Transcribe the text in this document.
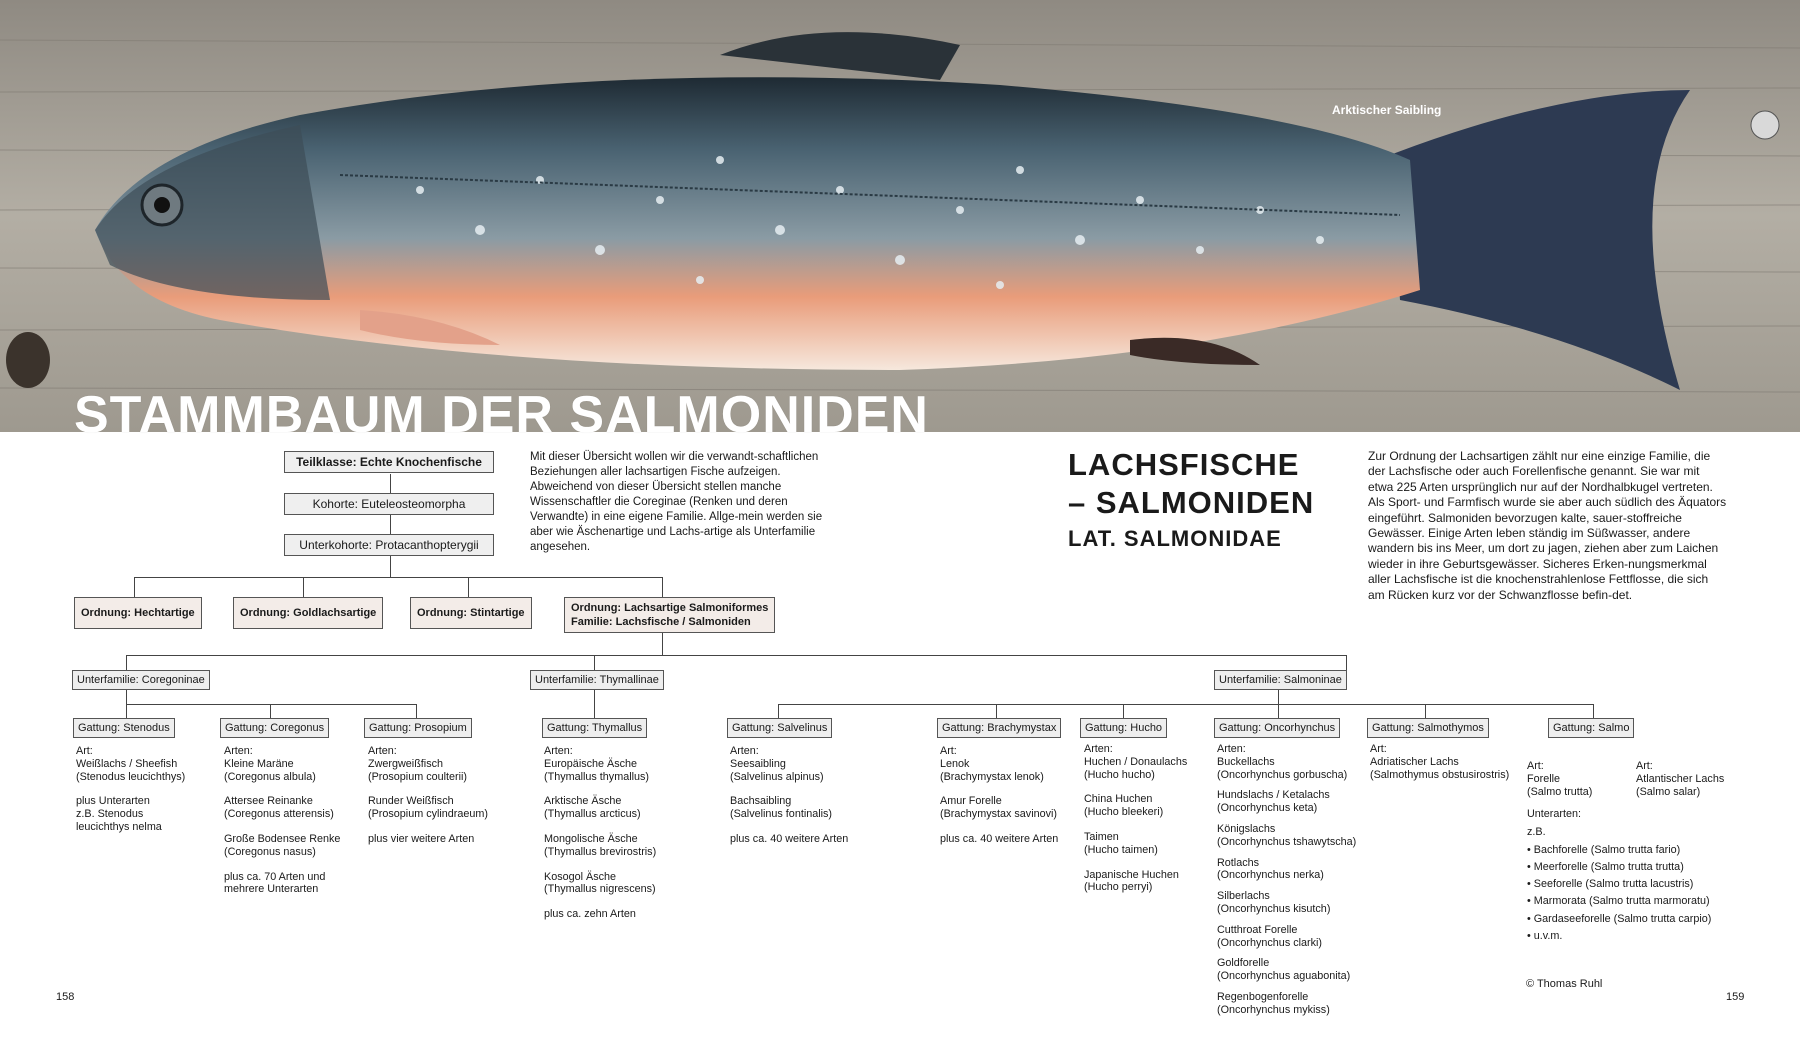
Arktischer Saibling
STAMMBAUM DER SALMONIDEN
Teilklasse: Echte Knochenfische
Kohorte: Euteleosteomorpha
Unterkohorte: Protacanthopterygii
Ordnung: Hechtartige	Ordnung: Goldlachsartige	Ordnung: Stintartige	Ordnung: Lachsartige Salmoniformes
Familie: Lachsfische / Salmoniden
Unterfamilie: Coregoninae	Unterfamilie: Thymallinae	Unterfamilie: Salmoninae
Gattung: Stenodus	Gattung: Coregonus	Gattung: Prosopium	Gattung: Thymallus	Gattung: Salvelinus	Gattung: Brachymystax	Gattung: Hucho	Gattung: Oncorhynchus	Gattung: Salmothymos	Gattung: Salmo
Mit dieser Übersicht wollen wir die verwandt-schaftlichen Beziehungen aller lachsartigen Fische aufzeigen. Abweichend von dieser Übersicht stellen manche Wissenschaftler die Coreginae (Renken und deren Verwandte) in eine eigene Familie. Allge-mein werden sie aber wie Äschenartige und Lachs-artige als Unterfamilie angesehen.
LACHSFISCHE
– SALMONIDEN
LAT. SALMONIDAE
Zur Ordnung der Lachsartigen zählt nur eine einzige Familie, die der Lachsfische oder auch Forellenfische genannt. Sie war mit etwa 225 Arten ursprünglich nur auf der Nordhalbkugel vertreten. Als Sport- und Farmfisch wurde sie aber auch südlich des Äquators eingeführt. Salmoniden bevorzugen kalte, sauer-stoffreiche Gewässer. Einige Arten leben ständig im Süßwasser, andere wandern bis ins Meer, um dort zu jagen, ziehen aber zum Laichen wieder in ihre Geburtsgewässer. Sicheres Erken-nungsmerkmal aller Lachsfische ist die knochenstrahlenlose Fettflosse, die sich am Rücken kurz vor der Schwanzflosse befin-det.
Art:

Weißlachs / Sheefish
(Stenodus leucichthys)

plus Unterarten
z.B. Stenodus
leucichthys nelma

Arten:

Kleine Maräne
(Coregonus albula)

Attersee Reinanke
(Coregonus atterensis)

Große Bodensee Renke
(Coregonus nasus)

plus ca. 70 Arten und
mehrere Unterarten

Arten:

Zwergweißfisch
(Prosopium coulterii)

Runder Weißfisch
(Prosopium cylindraeum)

plus vier weitere Arten

Arten:

Europäische Äsche
(Thymallus thymallus)

Arktische Äsche
(Thymallus arcticus)

Mongolische Äsche
(Thymallus brevirostris)

Kosogol Äsche
(Thymallus nigrescens)

plus ca. zehn Arten

Arten:

Seesaibling
(Salvelinus alpinus)

Bachsaibling
(Salvelinus fontinalis)

plus ca. 40 weitere Arten

Art:

Lenok
(Brachymystax lenok)

Amur Forelle
(Brachymystax savinovi)

plus ca. 40 weitere Arten

Arten:

Huchen / Donaulachs
(Hucho hucho)

China Huchen
(Hucho bleekeri)

Taimen
(Hucho taimen)

Japanische Huchen
(Hucho perryi)

Arten:

Buckellachs
(Oncorhynchus gorbuscha)

Hundslachs / Ketalachs
(Oncorhynchus keta)

Königslachs
(Oncorhynchus tshawytscha)

Rotlachs
(Oncorhynchus nerka)

Silberlachs
(Oncorhynchus kisutch)

Cutthroat Forelle
(Oncorhynchus clarki)

Goldforelle
(Oncorhynchus aguabonita)

Regenbogenforelle
(Oncorhynchus mykiss)

Art:

Adriatischer Lachs
(Salmothymus obstusirostris)

Art:
Forelle
(Salmo trutta)
Art:
Atlantischer Lachs
(Salmo salar)

Unterarten:

z.B.

• Bachforelle (Salmo trutta fario)

• Meerforelle (Salmo trutta trutta)

• Seeforelle (Salmo trutta lacustris)

• Marmorata (Salmo trutta marmoratu)

• Gardaseeforelle (Salmo trutta carpio)

• u.v.m.

© Thomas Ruhl
158	159
